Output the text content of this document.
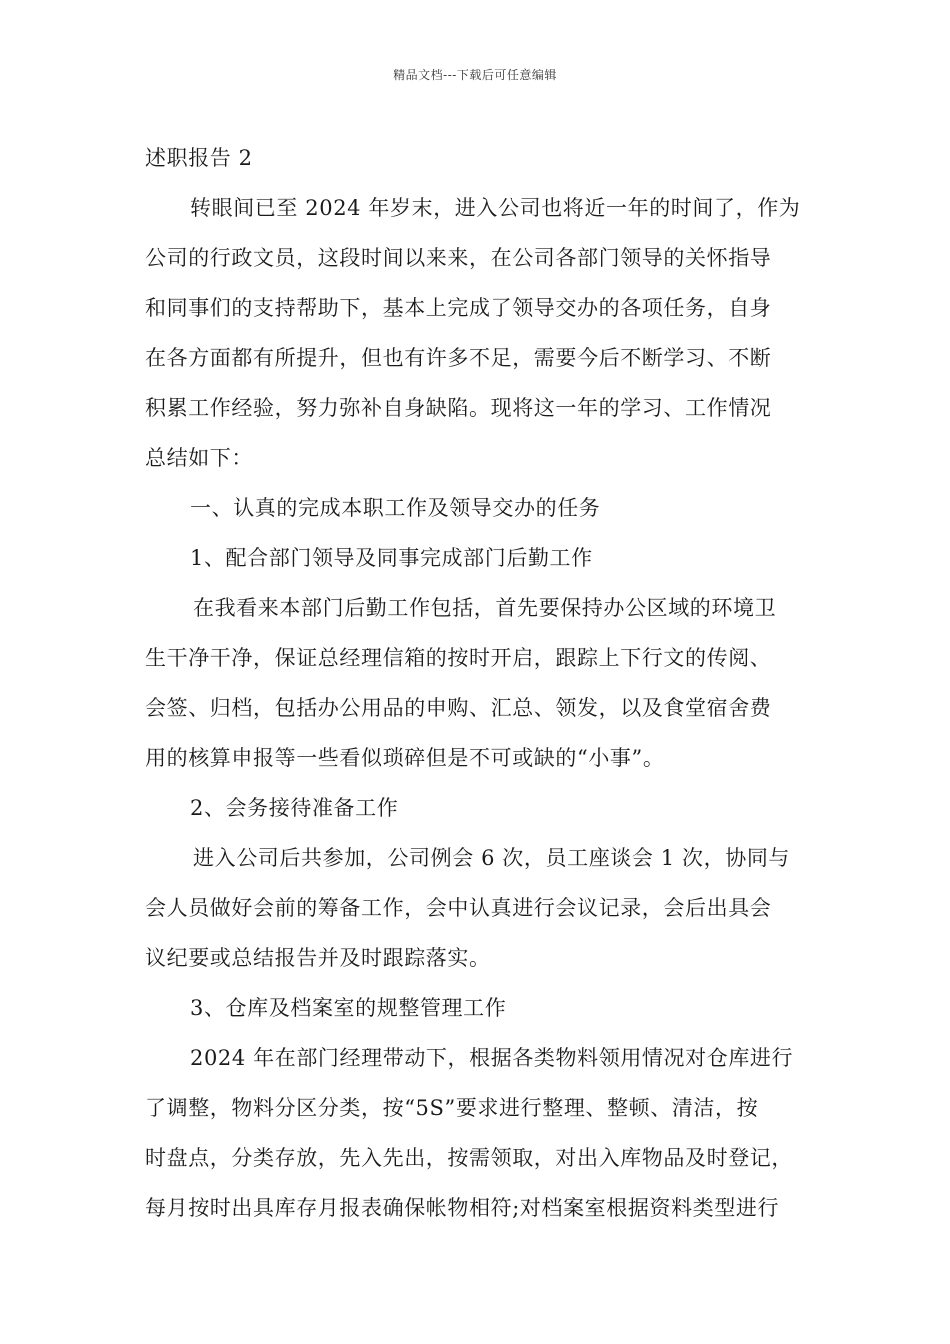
精品文档---下载后可任意编辑
述职报告 2
转眼间已至 2024 年岁末，进入公司也将近一年的时间了，作为
公司的行政文员，这段时间以来来，在公司各部门领导的关怀指导
和同事们的支持帮助下，基本上完成了领导交办的各项任务，自身
在各方面都有所提升，但也有许多不足，需要今后不断学习、不断
积累工作经验，努力弥补自身缺陷。现将这一年的学习、工作情况
总结如下：
一、认真的完成本职工作及领导交办的任务
1、配合部门领导及同事完成部门后勤工作
在我看来本部门后勤工作包括，首先要保持办公区域的环境卫
生干净干净，保证总经理信箱的按时开启，跟踪上下行文的传阅、
会签、归档，包括办公用品的申购、汇总、领发，以及食堂宿舍费
用的核算申报等一些看似琐碎但是不可或缺的“小事”。
2、会务接待准备工作
进入公司后共参加，公司例会 6 次，员工座谈会 1 次，协同与
会人员做好会前的筹备工作，会中认真进行会议记录，会后出具会
议纪要或总结报告并及时跟踪落实。
3、仓库及档案室的规整管理工作
2024 年在部门经理带动下，根据各类物料领用情况对仓库进行
了调整，物料分区分类，按“5S”要求进行整理、整顿、清洁，按
时盘点，分类存放，先入先出，按需领取，对出入库物品及时登记，
每月按时出具库存月报表确保帐物相符;对档案室根据资料类型进行
